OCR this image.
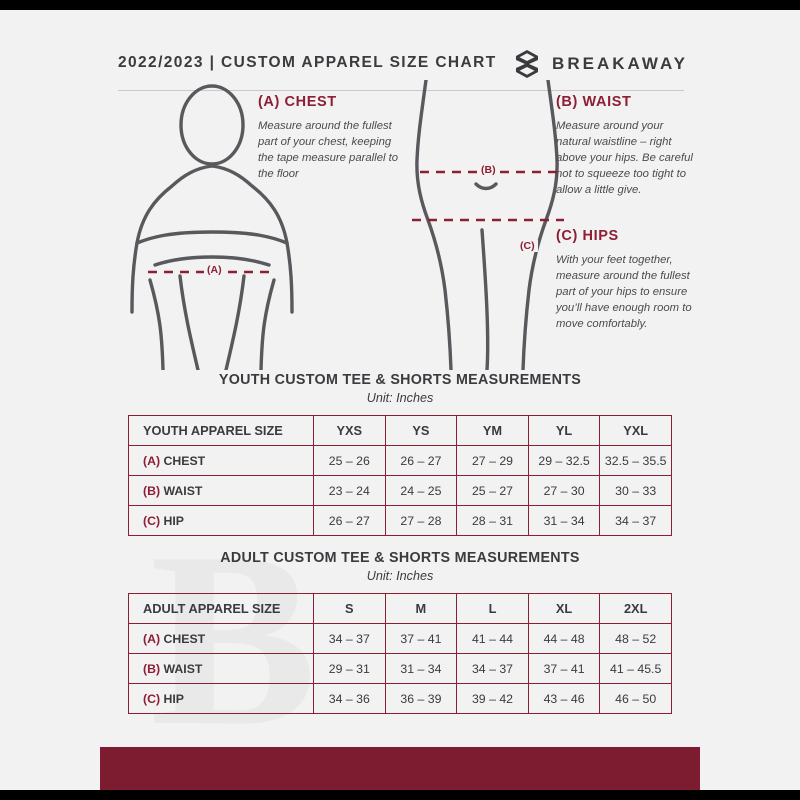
2022/2023 | CUSTOM APPAREL SIZE CHART	BREAKAWAY
(A)
(B)
(C)

(A) CHEST

Measure around the fullest part of your chest, keeping the tape measure parallel to the floor

(B) WAIST

Measure around your natural waistline – right above your hips. Be careful not to squeeze too tight to allow a little give.

(C) HIPS

With your feet together, measure around the fullest part of your hips to ensure you’ll have enough room to move comfortably.

YOUTH CUSTOM TEE & SHORTS MEASUREMENTS

Unit: Inches

YOUTH APPAREL SIZE	YXS	YS	YM	YL	YXL
(A) CHEST	25 – 26	26 – 27	27 – 29	29 – 32.5	32.5 – 35.5
(B) WAIST	23 – 24	24 – 25	25 – 27	27 – 30	30 – 33
(C) HIP	26 – 27	27 – 28	28 – 31	31 – 34	34 – 37

ADULT CUSTOM TEE & SHORTS MEASUREMENTS

Unit: Inches

ADULT APPAREL SIZE	S	M	L	XL	2XL
(A) CHEST	34 – 37	37 – 41	41 – 44	44 – 48	48 – 52
(B) WAIST	29 – 31	31 – 34	34 – 37	37 – 41	41 – 45.5
(C) HIP	34 – 36	36 – 39	39 – 42	43 – 46	46 – 50
